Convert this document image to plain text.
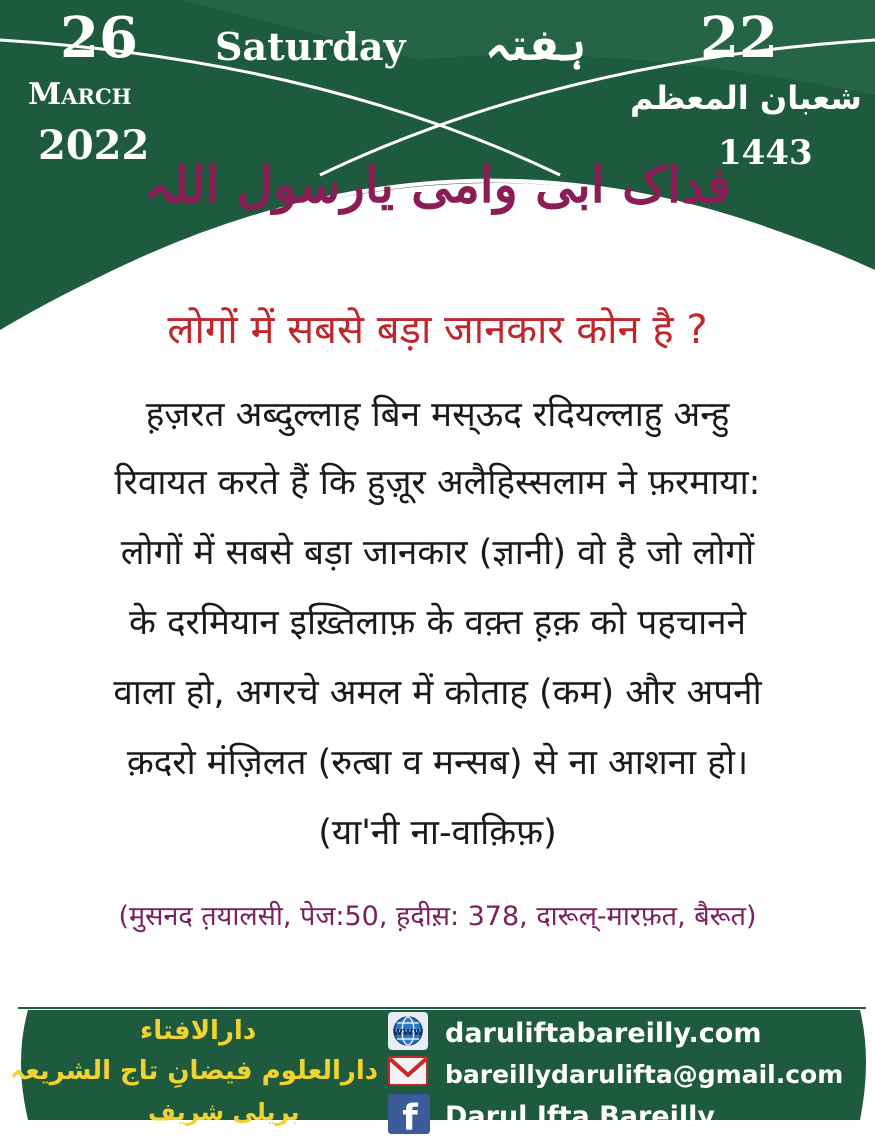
26
March
2022
Saturday ہفتہ 22
شعبان المعظم
1443
فداک ابی وامی یارسول اللہ
लोगों में सबसे बड़ा जानकार कोन है ?
ह़ज़रत अब्दुल्लाह बिन मस्ऊद रदियल्लाहु अन्हु
रिवायत करते हैं कि हुज़ूर अलैहिस्सलाम ने फ़रमाया:
लोगों में सबसे बड़ा जानकार (ज्ञानी) वो है जो लोगों
के दरमियान इख़्तिलाफ़ के वक़्त ह़क़ को पहचानने
वाला हो, अगरचे अमल में कोताह (कम) और अपनी
क़दरो मंज़िलत (रुत्बा व मन्सब) से ना आशना हो।
(या'नी ना-वाक़िफ़)
(मुसनद त़यालसी, पेज:50, ह़दीस़: 378, दारूल्-मारफ़त, बैरूत)
دارالافتاء
دارالعلوم فیضانِ تاج الشریعہ
بریلی شریف
www
f
daruliftabareilly.com
bareillydarulifta@gmail.com
Darul Ifta Bareilly
